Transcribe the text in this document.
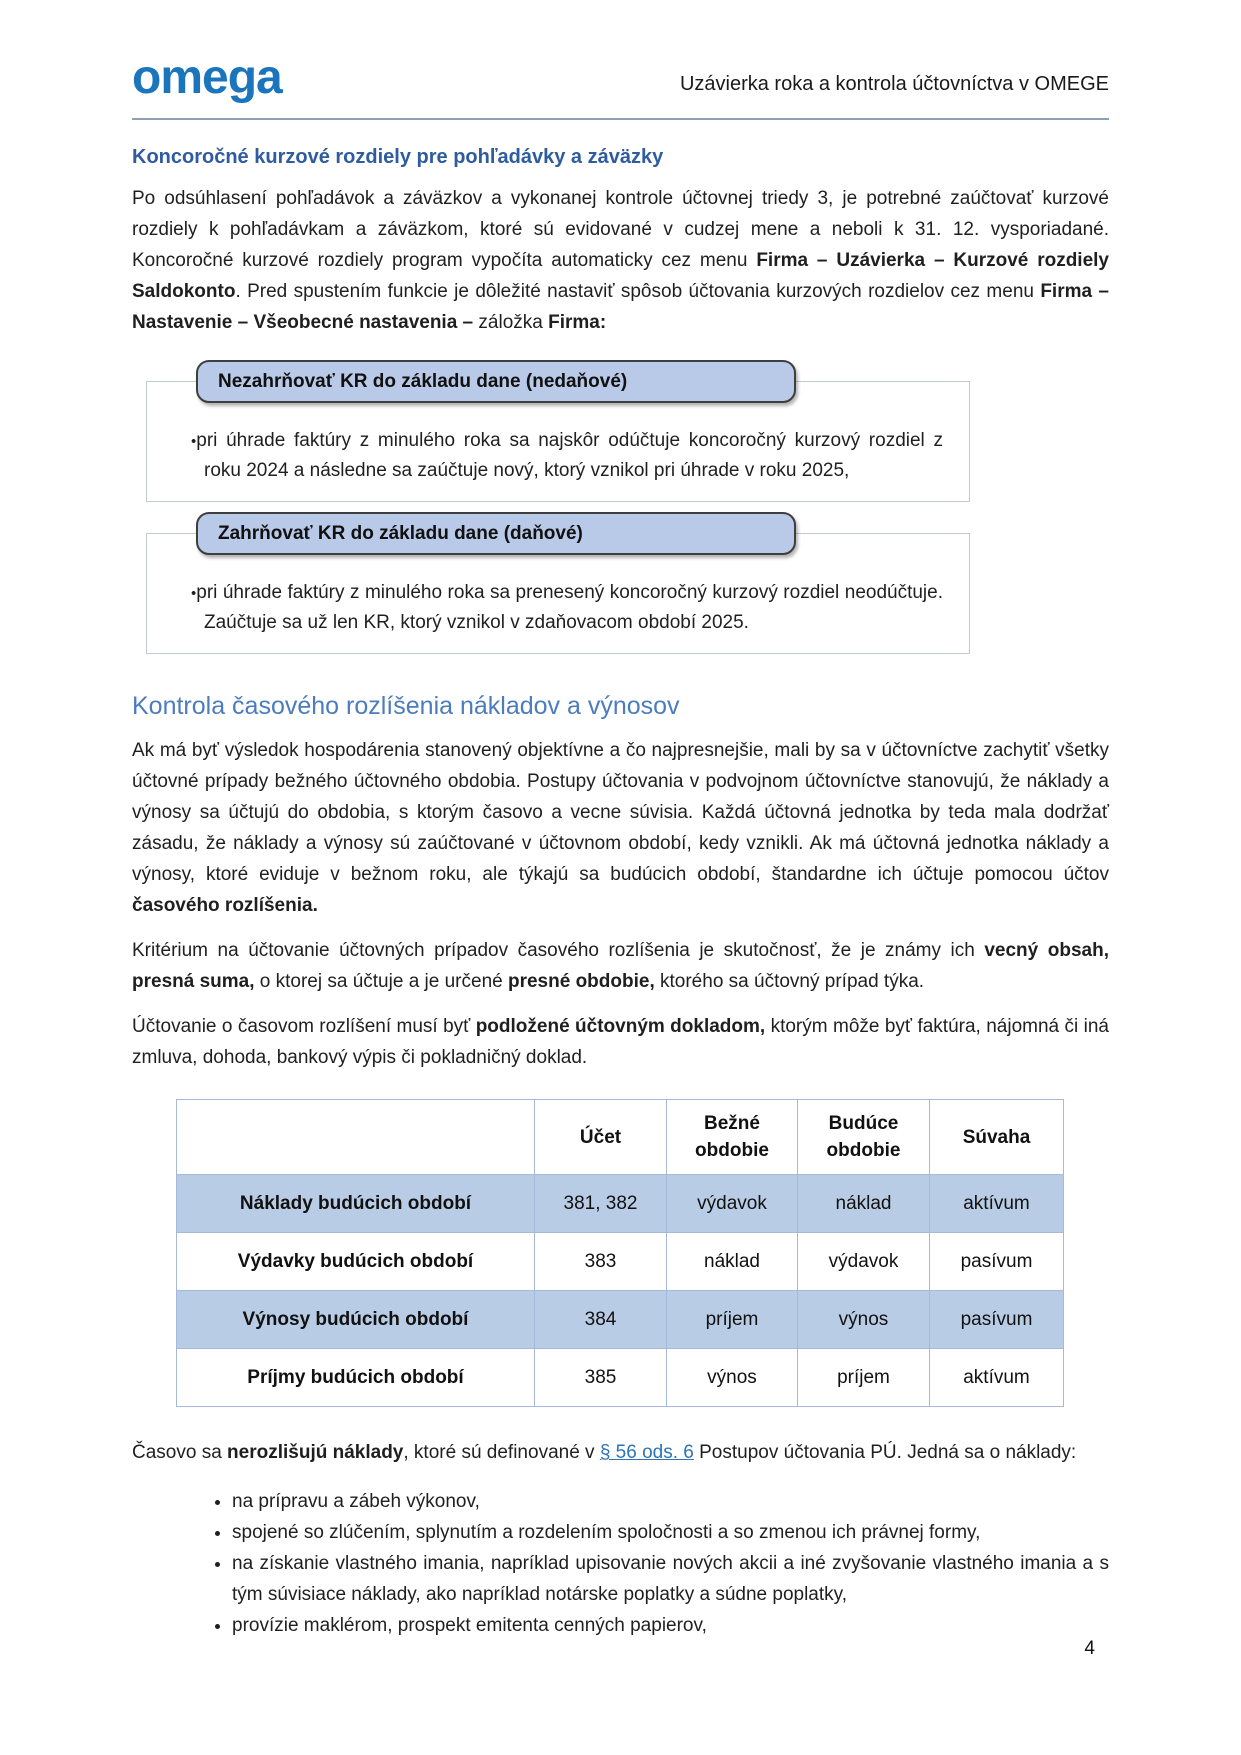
omega	Uzávierka roka a kontrola účtovníctva v OMEGE
Koncoročné kurzové rozdiely pre pohľadávky a záväzky

Po odsúhlasení pohľadávok a záväzkov a vykonanej kontrole účtovnej triedy 3, je potrebné zaúčtovať kurzové rozdiely k pohľadávkam a záväzkom, ktoré sú evidované v cudzej mene a neboli k 31. 12. vysporiadané. Koncoročné kurzové rozdiely program vypočíta automaticky cez menu Firma – Uzávierka – Kurzové rozdiely Saldokonto. Pred spustením funkcie je dôležité nastaviť spôsob účtovania kurzových rozdielov cez menu Firma – Nastavenie – Všeobecné nastavenia – záložka Firma:

Nezahrňovať KR do základu dane (nedaňové)

•pri úhrade faktúry z minulého roka sa najskôr odúčtuje koncoročný kurzový rozdiel z roku 2024 a následne sa zaúčtuje nový, ktorý vznikol pri úhrade v roku 2025,

Zahrňovať KR do základu dane (daňové)

•pri úhrade faktúry z minulého roka sa prenesený koncoročný kurzový rozdiel neodúčtuje. Zaúčtuje sa už len KR, ktorý vznikol v zdaňovacom období 2025.

Kontrola časového rozlíšenia nákladov a výnosov

Ak má byť výsledok hospodárenia stanovený objektívne a čo najpresnejšie, mali by sa v účtovníctve zachytiť všetky účtovné prípady bežného účtovného obdobia. Postupy účtovania v podvojnom účtovníctve stanovujú, že náklady a výnosy sa účtujú do obdobia, s ktorým časovo a vecne súvisia. Každá účtovná jednotka by teda mala dodržať zásadu, že náklady a výnosy sú zaúčtované v účtovnom období, kedy vznikli. Ak má účtovná jednotka náklady a výnosy, ktoré eviduje v bežnom roku, ale týkajú sa budúcich období, štandardne ich účtuje pomocou účtov časového rozlíšenia.

Kritérium na účtovanie účtovných prípadov časového rozlíšenia je skutočnosť, že je známy ich vecný obsah, presná suma, o ktorej sa účtuje a je určené presné obdobie, ktorého sa účtovný prípad týka.

Účtovanie o časovom rozlíšení musí byť podložené účtovným dokladom, ktorým môže byť faktúra, nájomná či iná zmluva, dohoda, bankový výpis či pokladničný doklad.

	Účet	Bežné obdobie	Budúce obdobie	Súvaha
Náklady budúcich období	381, 382	výdavok	náklad	aktívum
Výdavky budúcich období	383	náklad	výdavok	pasívum
Výnosy budúcich období	384	príjem	výnos	pasívum
Príjmy budúcich období	385	výnos	príjem	aktívum

Časovo sa nerozlišujú náklady, ktoré sú definované v § 56 ods. 6 Postupov účtovania PÚ. Jedná sa o náklady:

• na prípravu a zábeh výkonov,
• spojené so zlúčením, splynutím a rozdelením spoločnosti a so zmenou ich právnej formy,
• na získanie vlastného imania, napríklad upisovanie nových akcii a iné zvyšovanie vlastného imania a s tým súvisiace náklady, ako napríklad notárske poplatky a súdne poplatky,
• provízie maklérom, prospekt emitenta cenných papierov,
4
